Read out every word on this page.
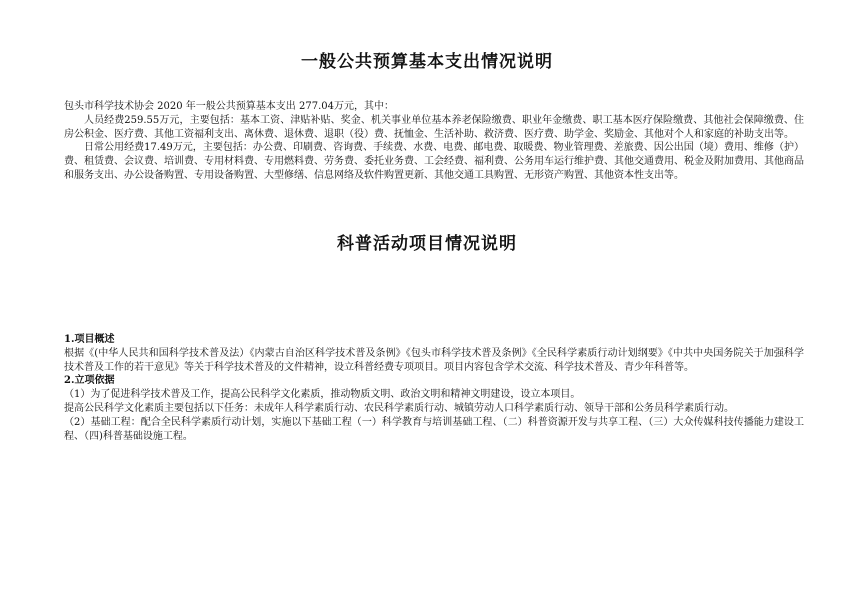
一般公共预算基本支出情况说明

包头市科学技术协会 2020 年一般公共预算基本支出 277.04万元，其中：

人员经费259.55万元，主要包括：基本工资、津贴补贴、奖金、机关事业单位基本养老保险缴费、职业年金缴费、职工基本医疗保险缴费、其他社会保障缴费、住房公积金、医疗费、其他工资福利支出、离休费、退休费、退职（役）费、抚恤金、生活补助、救济费、医疗费、助学金、奖励金、其他对个人和家庭的补助支出等。

日常公用经费17.49万元，主要包括：办公费、印刷费、咨询费、手续费、水费、电费、邮电费、取暖费、物业管理费、差旅费、因公出国（境）费用、维修（护）费、租赁费、会议费、培训费、专用材料费、专用燃料费、劳务费、委托业务费、工会经费、福利费、公务用车运行维护费、其他交通费用、税金及附加费用、其他商品和服务支出、办公设备购置、专用设备购置、大型修缮、信息网络及软件购置更新、其他交通工具购置、无形资产购置、其他资本性支出等。

科普活动项目情况说明

1.项目概述

根据《(中华人民共和国科学技术普及法）《内蒙古自治区科学技术普及条例》《包头市科学技术普及条例》《全民科学素质行动计划纲要》《中共中央国务院关于加强科学技术普及工作的若干意见》等关于科学技术普及的文件精神，设立科普经费专项项目。项目内容包含学术交流、科学技术普及、青少年科普等。

2.立项依据

（1）为了促进科学技术普及工作，提高公民科学文化素质，推动物质文明、政治文明和精神文明建设，设立本项目。

提高公民科学文化素质主要包括以下任务：未成年人科学素质行动、农民科学素质行动、城镇劳动人口科学素质行动、领导干部和公务员科学素质行动。

（2）基础工程：配合全民科学素质行动计划，实施以下基础工程（一）科学教育与培训基础工程、（二）科普资源开发与共享工程、（三）大众传媒科技传播能力建设工程、（四)科普基础设施工程。
